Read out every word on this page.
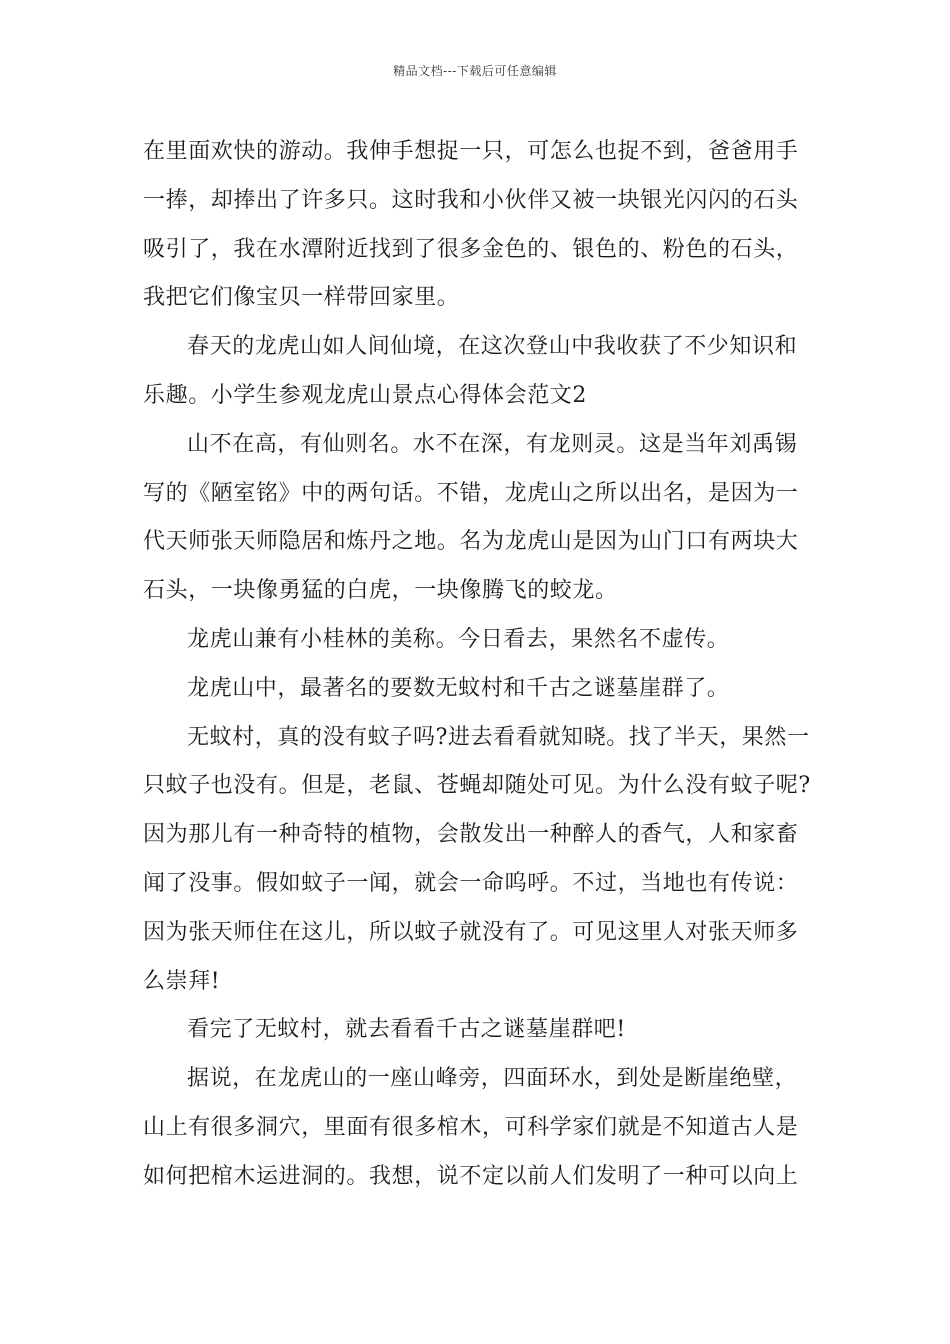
精品文档---下载后可任意编辑
在里面欢快的游动。我伸手想捉一只，可怎么也捉不到，爸爸用手
一捧，却捧出了许多只。这时我和小伙伴又被一块银光闪闪的石头
吸引了，我在水潭附近找到了很多金色的、银色的、粉色的石头，
我把它们像宝贝一样带回家里。
春天的龙虎山如人间仙境，在这次登山中我收获了不少知识和
乐趣。小学生参观龙虎山景点心得体会范文2
山不在高，有仙则名。水不在深，有龙则灵。这是当年刘禹锡
写的《陋室铭》中的两句话。不错，龙虎山之所以出名，是因为一
代天师张天师隐居和炼丹之地。名为龙虎山是因为山门口有两块大
石头，一块像勇猛的白虎，一块像腾飞的蛟龙。
龙虎山兼有小桂林的美称。今日看去，果然名不虚传。
龙虎山中，最著名的要数无蚊村和千古之谜墓崖群了。
无蚊村，真的没有蚊子吗?进去看看就知晓。找了半天，果然一
只蚊子也没有。但是，老鼠、苍蝇却随处可见。为什么没有蚊子呢?
因为那儿有一种奇特的植物，会散发出一种醉人的香气，人和家畜
闻了没事。假如蚊子一闻，就会一命呜呼。不过，当地也有传说：
因为张天师住在这儿，所以蚊子就没有了。可见这里人对张天师多
么崇拜!
看完了无蚊村，就去看看千古之谜墓崖群吧!
据说，在龙虎山的一座山峰旁，四面环水，到处是断崖绝壁，
山上有很多洞穴，里面有很多棺木，可科学家们就是不知道古人是
如何把棺木运进洞的。我想，说不定以前人们发明了一种可以向上
